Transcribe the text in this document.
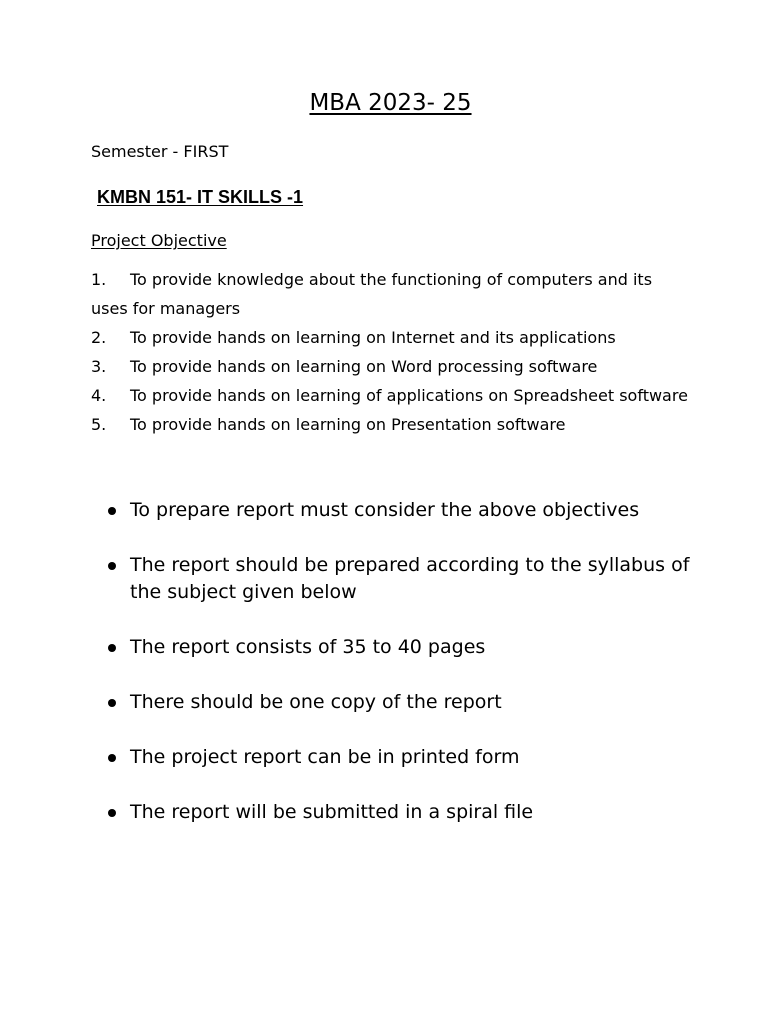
MBA 2023- 25
Semester - FIRST
KMBN 151- IT SKILLS -1
Project Objective
1. To provide knowledge about the functioning of computers and its uses for managers
2. To provide hands on learning on Internet and its applications
3. To provide hands on learning on Word processing software
4. To provide hands on learning of applications on Spreadsheet software
5. To provide hands on learning on Presentation software
To prepare report must consider the above objectives
The report should be prepared according to the syllabus of the subject given below
The report consists of 35 to 40 pages
There should be one copy of the report
The project report can be in printed form
The report will be submitted in a spiral file
